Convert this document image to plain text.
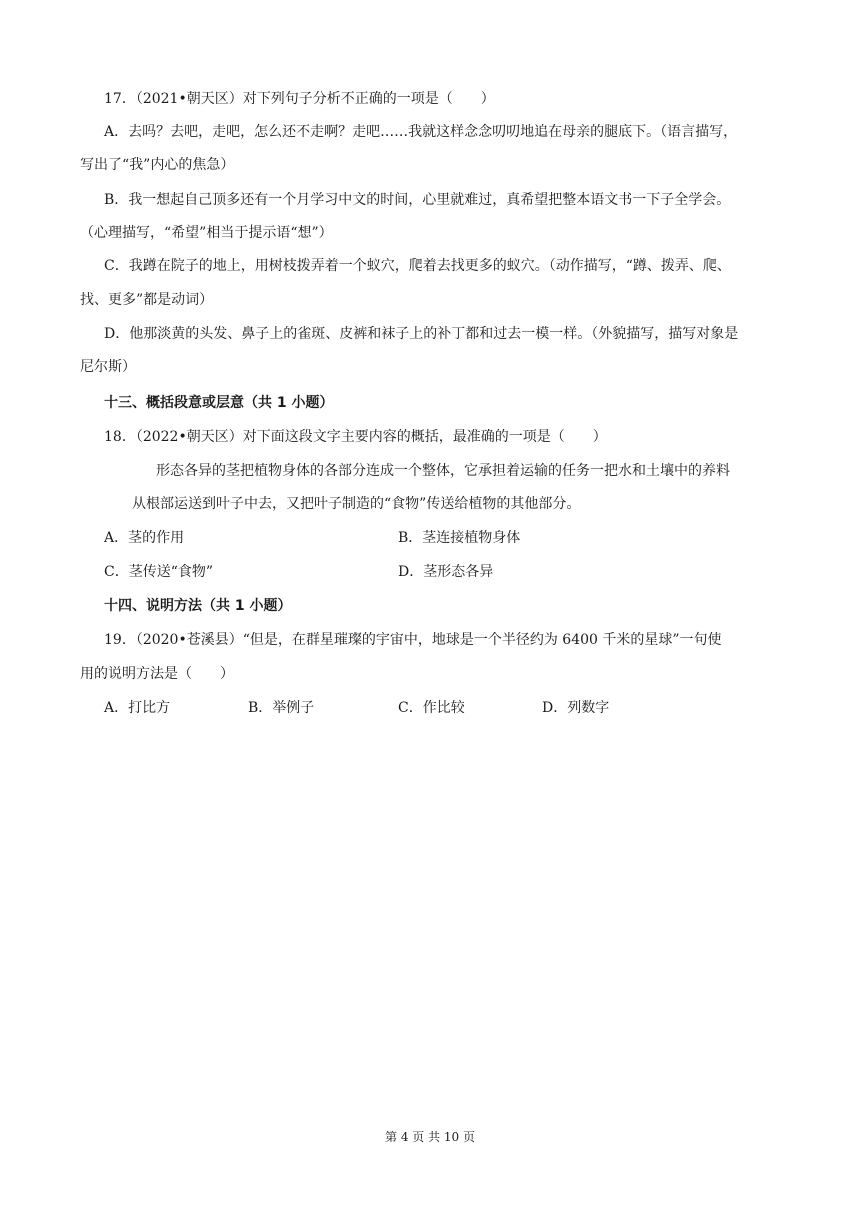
17．（2021•朝天区）对下列句子分析不正确的一项是（　　）
A．去吗？去吧，走吧，怎么还不走啊？走吧……我就这样念念叨叨地追在母亲的腿底下。（语言描写，
写出了“我”内心的焦急）
B．我一想起自己顶多还有一个月学习中文的时间，心里就难过，真希望把整本语文书一下子全学会。
（心理描写，“希望”相当于提示语“想”）
C．我蹲在院子的地上，用树枝拨弄着一个蚁穴，爬着去找更多的蚁穴。（动作描写，“蹲、拨弄、爬、
找、更多”都是动词）
D．他那淡黄的头发、鼻子上的雀斑、皮裤和袜子上的补丁都和过去一模一样。（外貌描写，描写对象是
尼尔斯）
十三、概括段意或层意（共 1 小题）
18．（2022•朝天区）对下面这段文字主要内容的概括，最准确的一项是（　　）
形态各异的茎把植物身体的各部分连成一个整体，它承担着运输的任务一把水和土壤中的养料
从根部运送到叶子中去，又把叶子制造的“食物”传送给植物的其他部分。
A．茎的作用	B．茎连接植物身体
C．茎传送“食物”	D．茎形态各异
十四、说明方法（共 1 小题）
19．（2020•苍溪县）“但是，在群星璀璨的宇宙中，地球是一个半径约为 6400 千米的星球”一句使
用的说明方法是（　　）
A．打比方	B．举例子	C．作比较	D．列数字
第 4 页 共 10 页
